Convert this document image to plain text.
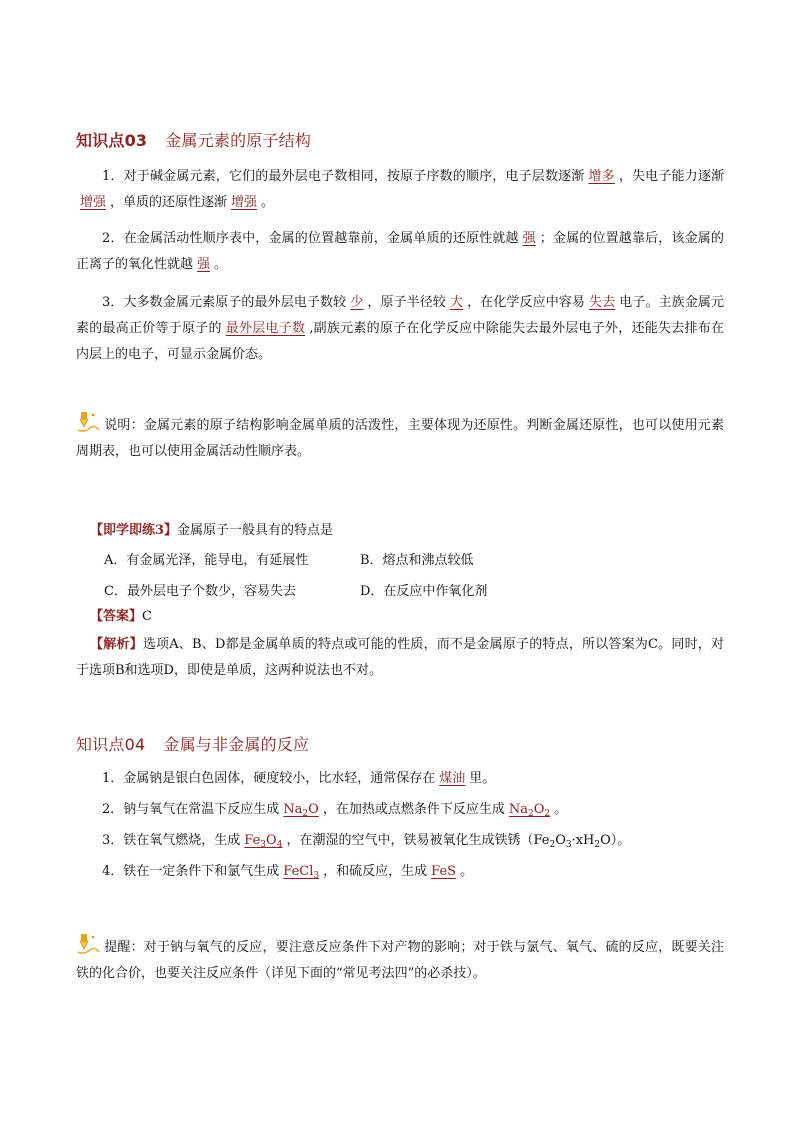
知识点03 金属元素的原子结构
1．对于碱金属元素，它们的最外层电子数相同，按原子序数的顺序，电子层数逐渐 增多 ，失电子能力逐渐增强 ，单质的还原性逐渐 增强 。
2．在金属活动性顺序表中，金属的位置越靠前，金属单质的还原性就越 强 ；金属的位置越靠后，该金属的正离子的氧化性就越 强 。
3．大多数金属元素原子的最外层电子数较 少 ，原子半径较 大 ，在化学反应中容易 失去 电子。主族金属元素的最高正价等于原子的 最外层电子数 ,副族元素的原子在化学反应中除能失去最外层电子外，还能失去排布在内层上的电子，可显示金属价态。
说明：金属元素的原子结构影响金属单质的活泼性，主要体现为还原性。判断金属还原性，也可以使用元素周期表，也可以使用金属活动性顺序表。
【即学即练3】金属原子一般具有的特点是
A．有金属光泽，能导电，有延展性	B．熔点和沸点较低
C．最外层电子个数少，容易失去	D．在反应中作氧化剂
【答案】C
【解析】选项A、B、D都是金属单质的特点或可能的性质，而不是金属原子的特点，所以答案为C。同时，对于选项B和选项D，即使是单质，这两种说法也不对。
知识点04 金属与非金属的反应
1．金属钠是银白色固体，硬度较小，比水轻，通常保存在 煤油 里。
2．钠与氧气在常温下反应生成 $Na_2O$ ，在加热或点燃条件下反应生成 $Na_2O_2$ 。
3．铁在氧气燃烧，生成 $Fe_3O_4$ ，在潮湿的空气中，铁易被氧化生成铁锈$(Fe_2O_3\cdot xH_2O)$。
4．铁在一定条件下和氯气生成 FeCl$_3$ ，和硫反应，生成 FeS 。
提醒：对于钠与氧气的反应，要注意反应条件下对产物的影响；对于铁与氯气、氧气、硫的反应，既要关注铁的化合价，也要关注反应条件（详见下面的“常见考法四”的必杀技）。
